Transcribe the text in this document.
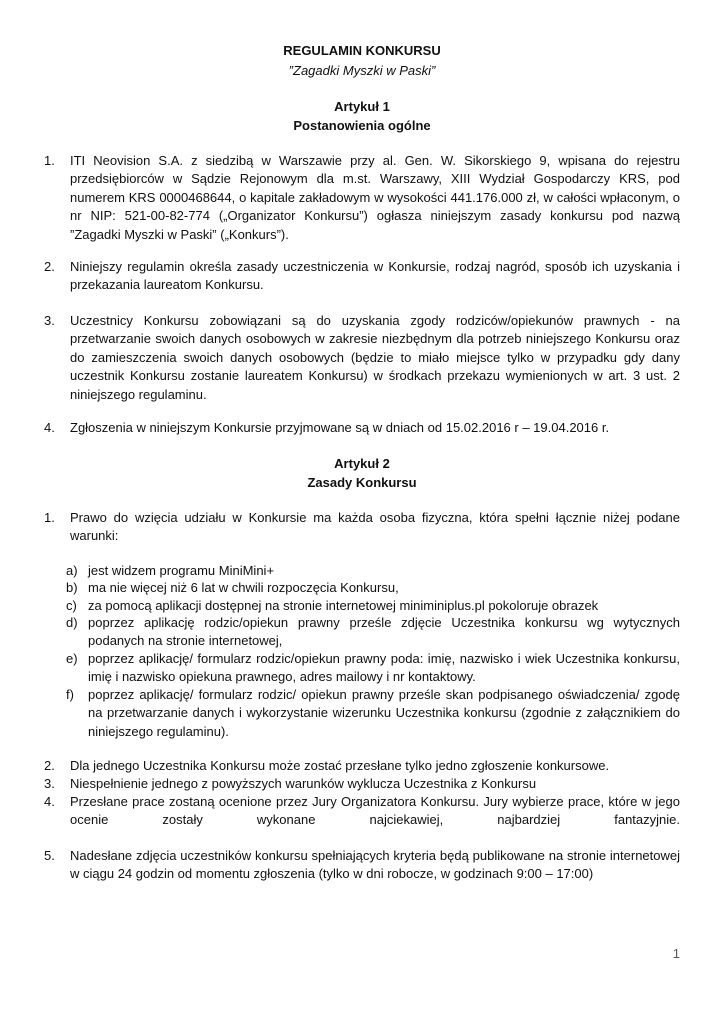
REGULAMIN KONKURSU
”Zagadki Myszki w Paski”
Artykuł 1
Postanowienia ogólne
1. ITI Neovision S.A. z siedzibą w Warszawie przy al. Gen. W. Sikorskiego 9, wpisana do rejestru przedsiębiorców w Sądzie Rejonowym dla m.st. Warszawy, XIII Wydział Gospodarczy KRS, pod numerem KRS 0000468644, o kapitale zakładowym w wysokości 441.176.000 zł, w całości wpłaconym, o nr NIP: 521-00-82-774 („Organizator Konkursu”) ogłasza niniejszym zasady konkursu pod nazwą ”Zagadki Myszki w Paski” („Konkurs”).
2. Niniejszy regulamin określa zasady uczestniczenia w Konkursie, rodzaj nagród, sposób ich uzyskania i przekazania laureatom Konkursu.
3. Uczestnicy Konkursu zobowiązani są do uzyskania zgody rodziców/opiekunów prawnych - na przetwarzanie swoich danych osobowych w zakresie niezbędnym dla potrzeb niniejszego Konkursu oraz do zamieszczenia swoich danych osobowych (będzie to miało miejsce tylko w przypadku gdy dany uczestnik Konkursu zostanie laureatem Konkursu) w środkach przekazu wymienionych w art. 3 ust. 2 niniejszego regulaminu.
4. Zgłoszenia w niniejszym Konkursie przyjmowane są w dniach od 15.02.2016 r – 19.04.2016 r.
Artykuł 2
Zasady Konkursu
1. Prawo do wzięcia udziału w Konkursie ma każda osoba fizyczna, która spełni łącznie niżej podane warunki:
a) jest widzem programu MiniMini+
b) ma nie więcej niż 6 lat w chwili rozpoczęcia Konkursu,
c) za pomocą aplikacji dostępnej na stronie internetowej miniminiplus.pl pokoloruje obrazek
d) poprzez aplikację rodzic/opiekun prawny prześle zdjęcie Uczestnika konkursu wg wytycznych podanych na stronie internetowej,
e) poprzez aplikację/ formularz rodzic/opiekun prawny poda: imię, nazwisko i wiek Uczestnika konkursu, imię i nazwisko opiekuna prawnego, adres mailowy i nr kontaktowy.
f) poprzez aplikację/ formularz rodzic/ opiekun prawny prześle skan podpisanego oświadczenia/ zgodę na przetwarzanie danych i wykorzystanie wizerunku Uczestnika konkursu (zgodnie z załącznikiem do niniejszego regulaminu).
2. Dla jednego Uczestnika Konkursu może zostać przesłane tylko jedno zgłoszenie konkursowe.
3. Niespełnienie jednego z powyższych warunków wyklucza Uczestnika z Konkursu
4. Przesłane prace zostaną ocenione przez Jury Organizatora Konkursu. Jury wybierze prace, które w jego ocenie zostały wykonane najciekawiej, najbardziej fantazyjnie.
5. Nadesłane zdjęcia uczestników konkursu spełniających kryteria będą publikowane na stronie internetowej w ciągu 24 godzin od momentu zgłoszenia (tylko w dni robocze, w godzinach 9:00 – 17:00)
1
